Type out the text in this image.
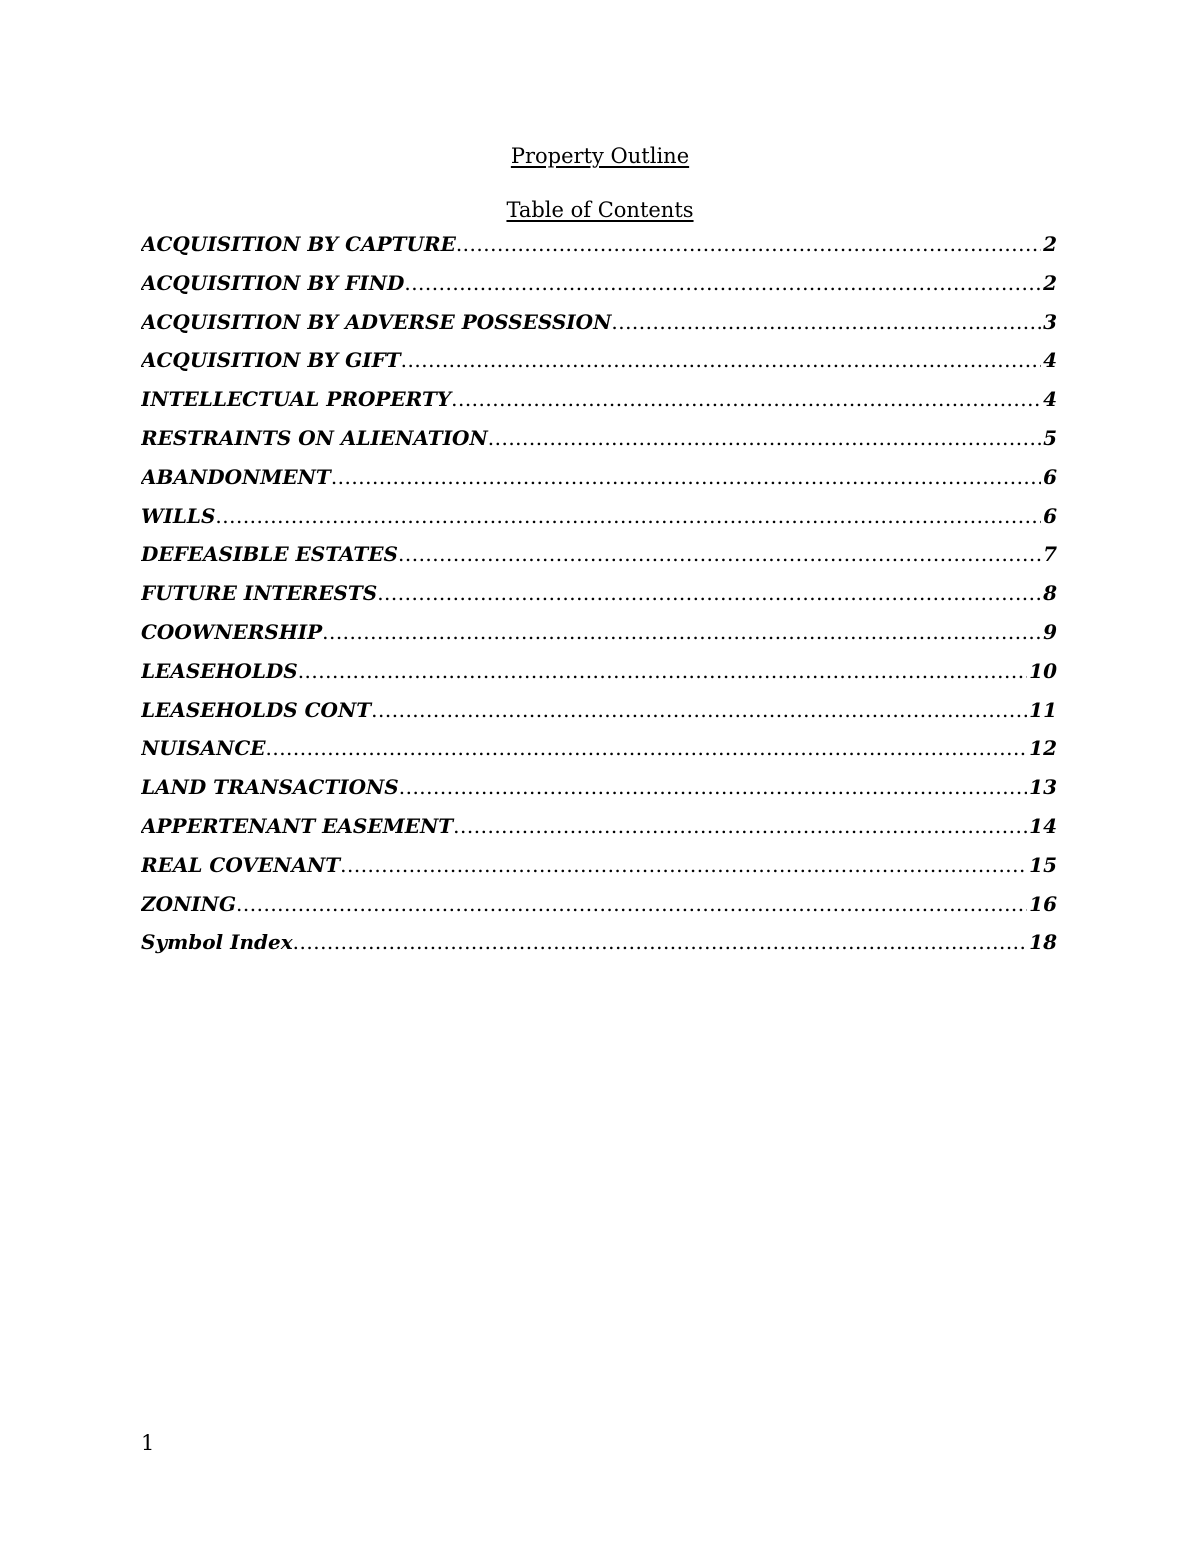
Property Outline
Table of Contents
ACQUISITION BY CAPTURE .....	2
ACQUISITION BY FIND .....	2
ACQUISITION BY ADVERSE POSSESSION .....	3
ACQUISITION BY GIFT .....	4
INTELLECTUAL PROPERTY .....	4
RESTRAINTS ON ALIENATION .....	5
ABANDONMENT .....	6
WILLS .....	6
DEFEASIBLE ESTATES .....	7
FUTURE INTERESTS .....	8
COOWNERSHIP .....	9
LEASEHOLDS .....	10
LEASEHOLDS CONT .....	11
NUISANCE .....	12
LAND TRANSACTIONS .....	13
APPERTENANT EASEMENT .....	14
REAL COVENANT .....	15
ZONING .....	16
Symbol Index .....	18
1
